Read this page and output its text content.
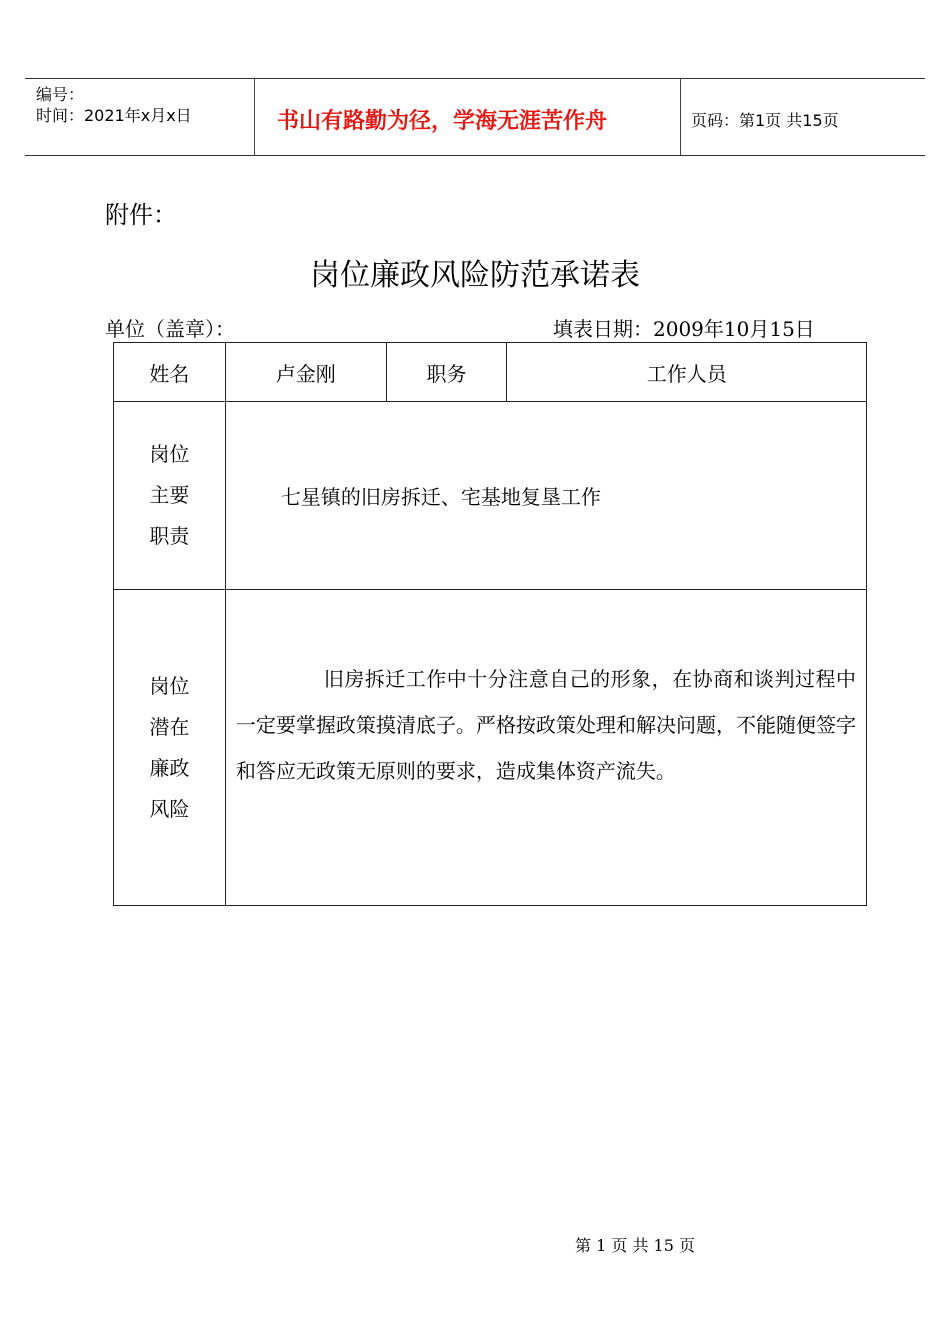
编号：
时间：2021年x月x日	书山有路勤为径，学海无涯苦作舟	页码：第1页 共15页
附件：
岗位廉政风险防范承诺表
单位（盖章）：	填表日期：2009年10月15日
姓名	卢金刚	职务	工作人员

岗位
主要
职责	七星镇的旧房拆迁、宅基地复垦工作		

岗位
潜在
廉政
风险	旧房拆迁工作中十分注意自己的形象，在协商和谈判过程中一定要掌握政策摸清底子。严格按政策处理和解决问题，不能随便签字和答应无政策无原则的要求，造成集体资产流失。		
第 1 页 共 15 页
